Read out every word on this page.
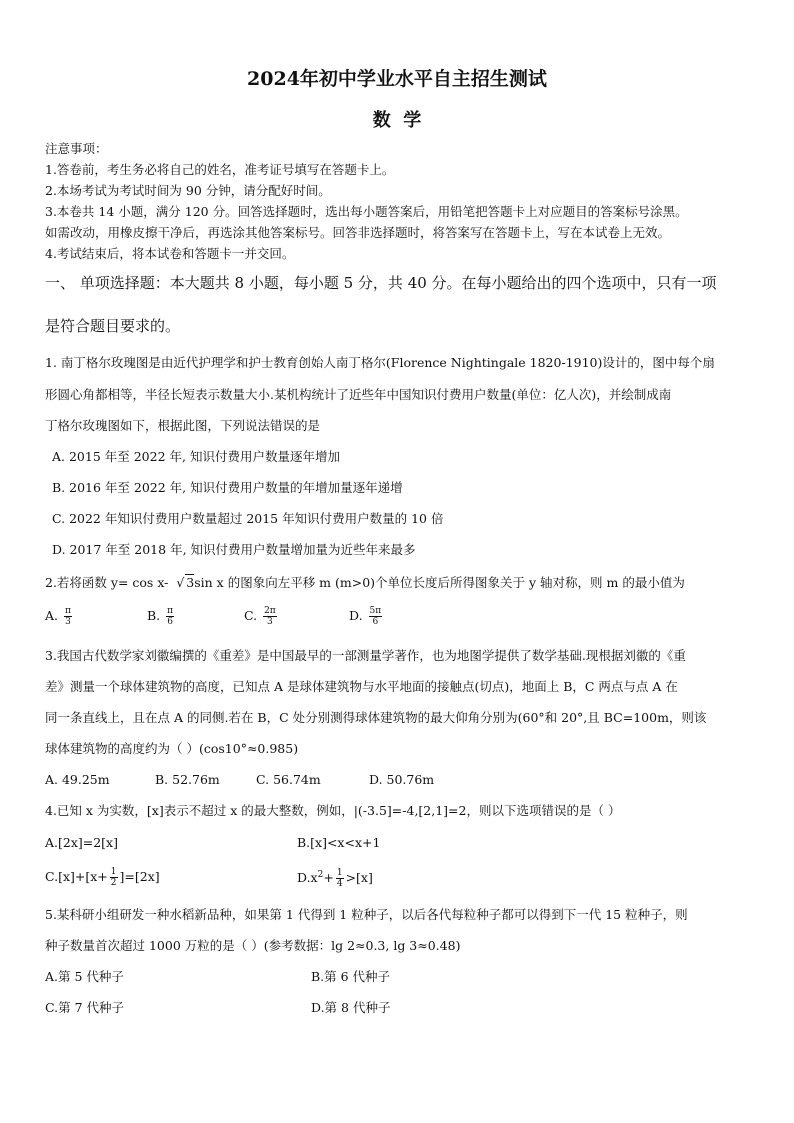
2024年初中学业水平自主招生测试
数  学
注意事项：
1.答卷前，考生务必将自己的姓名，准考证号填写在答题卡上。
2.本场考试为考试时间为 90 分钟，请分配好时间。
3.本卷共 14 小题，满分 120 分。回答选择题时，选出每小题答案后，用铅笔把答题卡上对应题目的答案标号涂黑。
如需改动，用橡皮擦干净后，再选涂其他答案标号。回答非选择题时，将答案写在答题卡上，写在本试卷上无效。
4.考试结束后，将本试卷和答题卡一并交回。
一、 单项选择题：本大题共 8 小题，每小题 5 分，共 40 分。在每小题给出的四个选项中，只有一项
是符合题目要求的。
1. 南丁格尔玫瑰图是由近代护理学和护士教育创始人南丁格尔(Florence Nightingale 1820-1910)设计的，图中每个扇
形圆心角都相等，半径长短表示数量大小.某机构统计了近些年中国知识付费用户数量(单位：亿人次)，并绘制成南
丁格尔玫瑰图如下，根据此图，下列说法错误的是
A. 2015 年至 2022 年, 知识付费用户数量逐年增加
B. 2016 年至 2022 年, 知识付费用户数量的年增加量逐年递增
C. 2022 年知识付费用户数量超过 2015 年知识付费用户数量的 10 倍
D. 2017 年至 2018 年, 知识付费用户数量增加量为近些年来最多
2.若将函数 y= cos x-  √ 3sin x 的图象向左平移 m (m>0)个单位长度后所得图象关于 y 轴对称，则 m 的最小值为
A. $\frac{\pi}{3}$	B. $\frac{\pi}{6}$	C. $\frac{2\pi}{3}$	D. $\frac{5\pi}{6}$
3.我国古代数学家刘徽编撰的《重差》是中国最早的一部测量学著作，也为地图学提供了数学基础.现根据刘徽的《重
差》测量一个球体建筑物的高度，已知点 A 是球体建筑物与水平地面的接触点(切点)，地面上 B，C 两点与点 A 在
同一条直线上，且在点 A 的同侧.若在 B，C 处分别测得球体建筑物的最大仰角分别为(60°和 20°,且 BC=100m，则该
球体建筑物的高度约为（ ）(cos10°≈0.985)
A. 49.25m	B. 52.76m	C. 56.74m	D. 50.76m
4.已知 x 为实数，[x]表示不超过 x 的最大整数，例如，|(-3.5]=-4,[2,1]=2，则以下选项错误的是（ ）
A.[2x]=2[x]	B.[x]<x<x+1
$C.[x]+[x+ \frac{1}{2} ]=[2x]$	$D.x^2+ \frac{1}{4} >[x]$
5.某科研小组研发一种水稻新品种，如果第 1 代得到 1 粒种子，以后各代每粒种子都可以得到下一代 15 粒种子，则
种子数量首次超过 1000 万粒的是（ ）(参考数据：lg 2≈0.3, lg 3≈0.48)
A.第 5 代种子	B.第 6 代种子
C.第 7 代种子	D.第 8 代种子
